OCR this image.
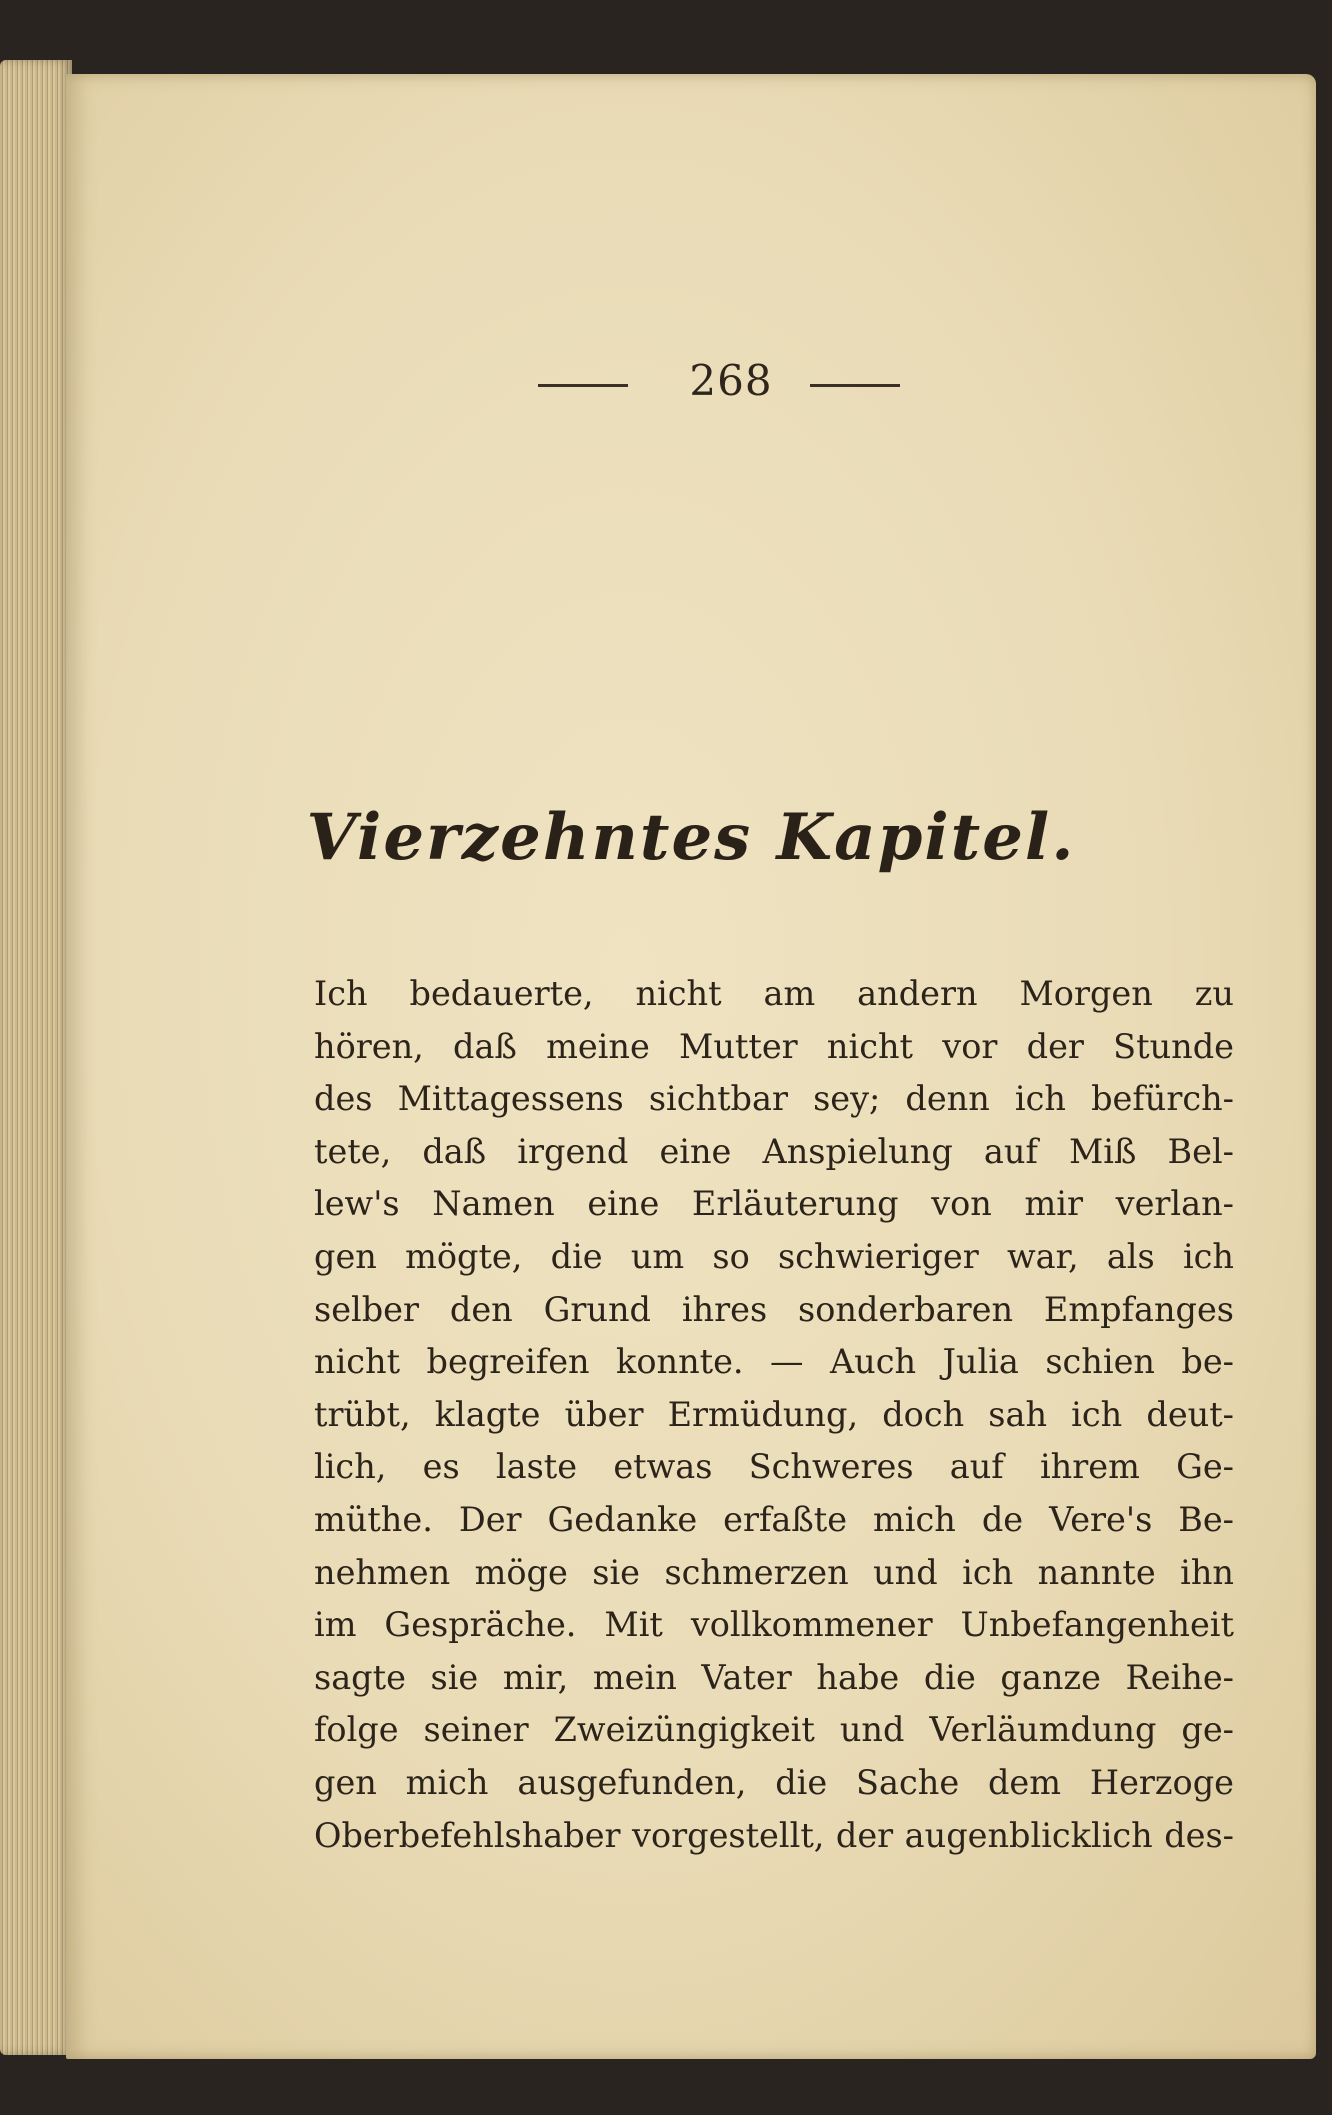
268
Vierzehntes Kapitel.
Ich bedauerte, nicht am andern Morgen zu
hören, daß meine Mutter nicht vor der Stunde
des Mittagessens sichtbar sey; denn ich befürch-
tete, daß irgend eine Anspielung auf Miß Bel-
lew's Namen eine Erläuterung von mir verlan-
gen mögte, die um so schwieriger war, als ich
selber den Grund ihres sonderbaren Empfanges
nicht begreifen konnte. — Auch Julia schien be-
trübt, klagte über Ermüdung, doch sah ich deut-
lich, es laste etwas Schweres auf ihrem Ge-
müthe. Der Gedanke erfaßte mich de Vere's Be-
nehmen möge sie schmerzen und ich nannte ihn
im Gespräche. Mit vollkommener Unbefangenheit
sagte sie mir, mein Vater habe die ganze Reihe-
folge seiner Zweizüngigkeit und Verläumdung ge-
gen mich ausgefunden, die Sache dem Herzoge
Oberbefehlshaber vorgestellt, der augenblicklich des-
